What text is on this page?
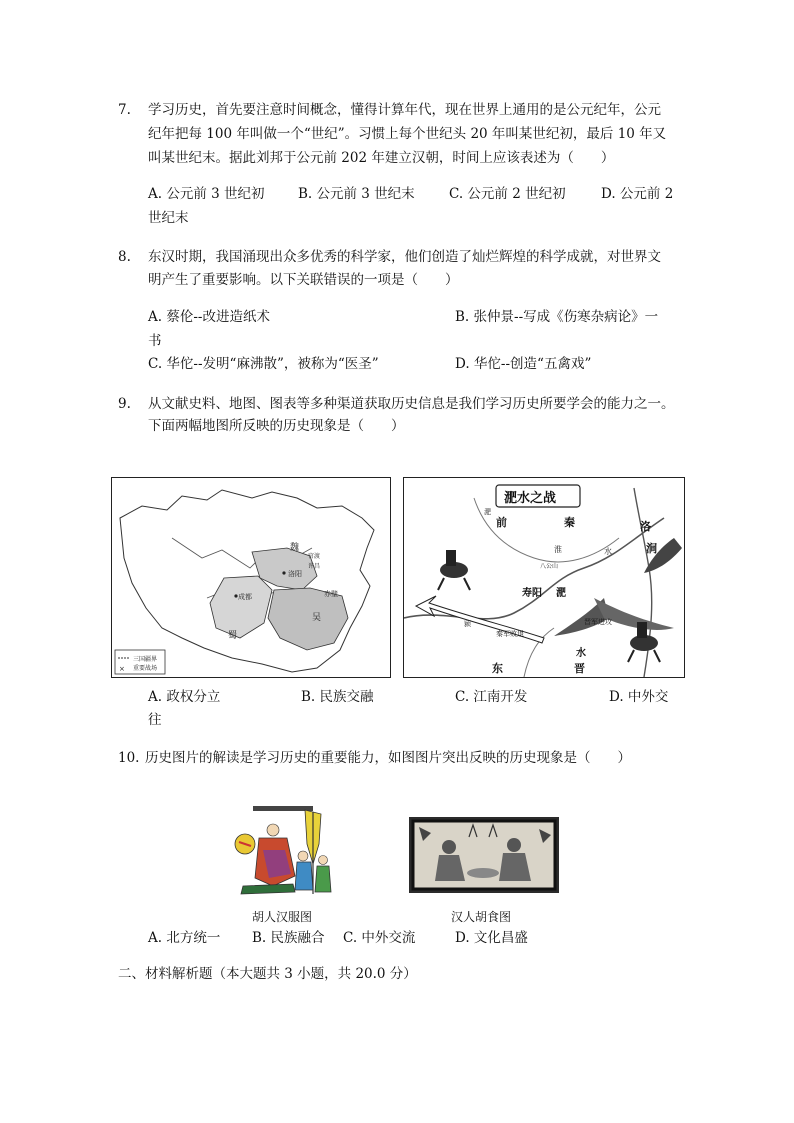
7.	学习历史，首先要注意时间概念，懂得计算年代，现在世界上通用的是公元纪年，公元
纪年把每 100 年叫做一个“世纪”。习惯上每个世纪头 20 年叫某世纪初，最后 10 年又
叫某世纪末。据此刘邦于公元前 202 年建立汉朝，时间上应该表述为（　　）
A. 公元前 3 世纪初 B. 公元前 3 世纪末	C. 公元前 2 世纪初	D. 公元前 2
世纪末
8.	东汉时期，我国涌现出众多优秀的科学家，他们创造了灿烂辉煌的科学成就，对世界文
明产生了重要影响。以下关联错误的一项是（　　）
A. 蔡伦--改进造纸术	B. 张仲景--写成《伤寒杂病论》一
书
C. 华佗--发明“麻沸散”，被称为“医圣”	D. 华佗--创造“五禽戏”
9.	从文献史料、地图、图表等多种渠道获取历史信息是我们学习历史所要学会的能力之一。
下面两幅地图所反映的历史现象是（　　）
三国疆界
× 重要战场
魏
洛阳
许昌
官渡
成都	赤壁
吴
蜀
淝水之战
前	秦
淮	水
洛
涧
八公山
寿阳 淝
秦军败退
晋军进攻
东	晋
水
颍
淝
A. 政权分立	B. 民族交融	C. 江南开发	D. 中外交
往
10. 历史图片的解读是学习历史的重要能力，如图图片突出反映的历史现象是（　　）
胡人汉服图	汉人胡食图
A. 北方统一 B. 民族融合 C. 中外交流	D. 文化昌盛
二、材料解析题（本大题共 3 小题，共 20.0 分）
